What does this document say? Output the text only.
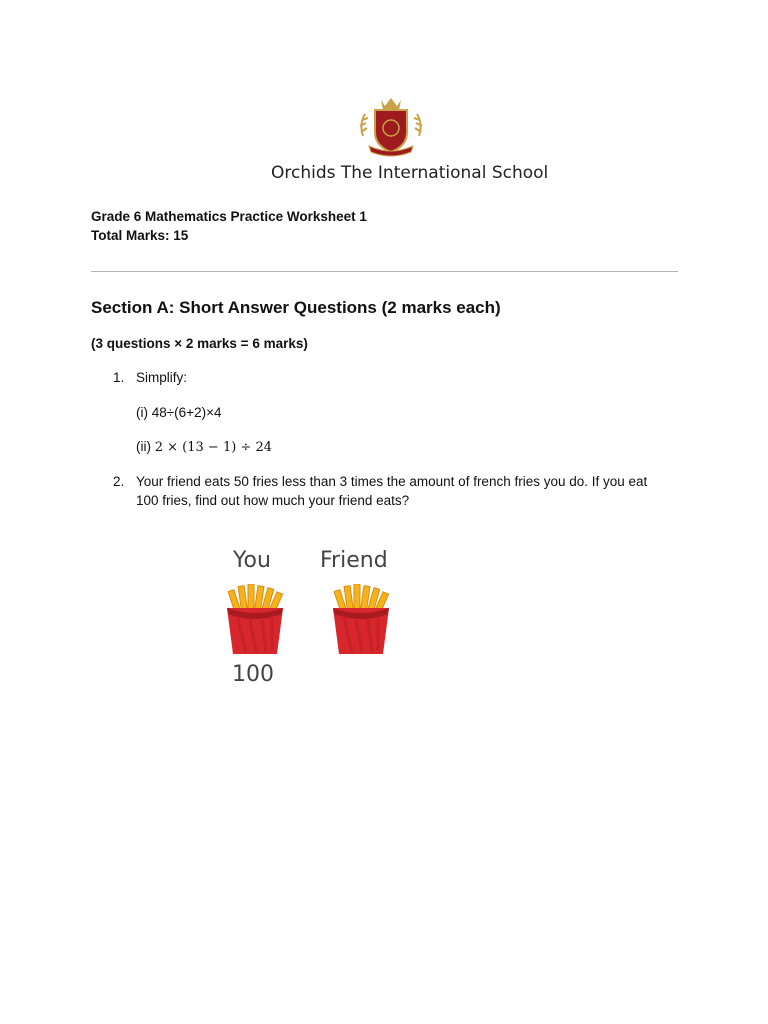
Orchids The International School
Grade 6 Mathematics Practice Worksheet 1
Total Marks: 15
Section A: Short Answer Questions (2 marks each)
(3 questions × 2 marks = 6 marks)
1. Simplify:
(i) 48÷(6+2)×4
(ii) 2 × (13 − 1) ÷ 24
2. Your friend eats 50 fries less than 3 times the amount of french fries you do. If you eat
100 fries, find out how much your friend eats?
You Friend
100
